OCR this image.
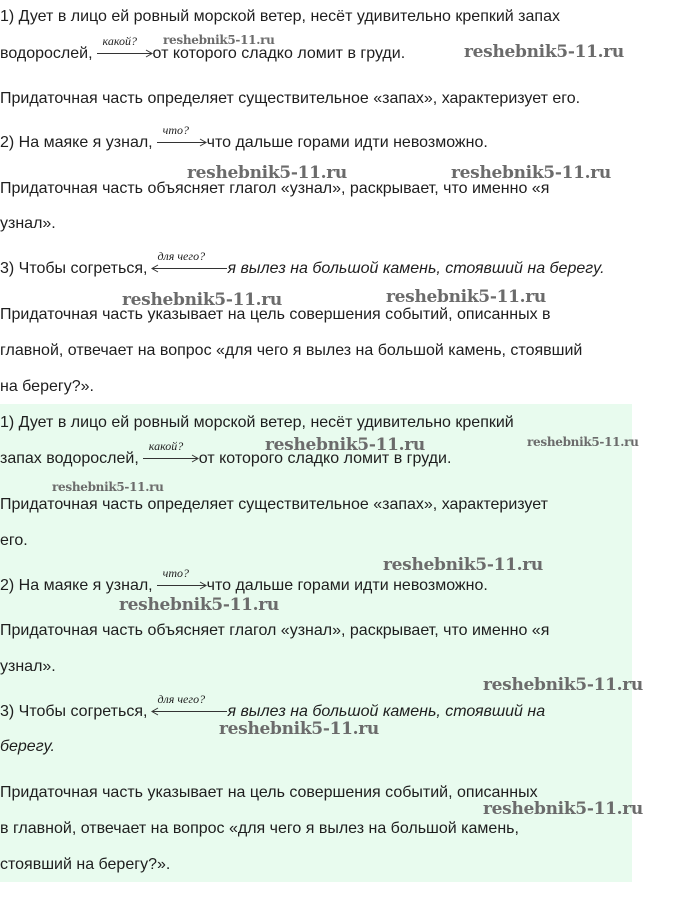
1) Дует в лицо ей ровный морской ветер, несёт удивительно крепкий запах
водорослей,
какой?
от которого сладко ломит в груди.
Придаточная часть определяет существительное «запах», характеризует его.
2) На маяке я узнал,
что?
что дальше горами идти невозможно.
Придаточная часть объясняет глагол «узнал», раскрывает, что именно «я
узнал».
3) Чтобы согреться,
для чего?
я вылез на большой камень, стоявший на берегу.
Придаточная часть указывает на цель совершения событий, описанных в
главной, отвечает на вопрос «для чего я вылез на большой камень, стоявший
на берегу?».
1) Дует в лицо ей ровный морской ветер, несёт удивительно крепкий
запах водорослей,
какой?
от которого сладко ломит в груди.
Придаточная часть определяет существительное «запах», характеризует
его.
2) На маяке я узнал,
что?
что дальше горами идти невозможно.
Придаточная часть объясняет глагол «узнал», раскрывает, что именно «я
узнал».
3) Чтобы согреться,
для чего?
я вылез на большой камень, стоявший на
берегу.
Придаточная часть указывает на цель совершения событий, описанных
в главной, отвечает на вопрос «для чего я вылез на большой камень,
стоявший на берегу?».
reshebnik5-11.ru
reshebnik5-11.ru
reshebnik5-11.ru	reshebnik5-11.ru
reshebnik5-11.ru	reshebnik5-11.ru
reshebnik5-11.ru	reshebnik5-11.ru
reshebnik5-11.ru
reshebnik5-11.ru
reshebnik5-11.ru
reshebnik5-11.ru
reshebnik5-11.ru
reshebnik5-11.ru
